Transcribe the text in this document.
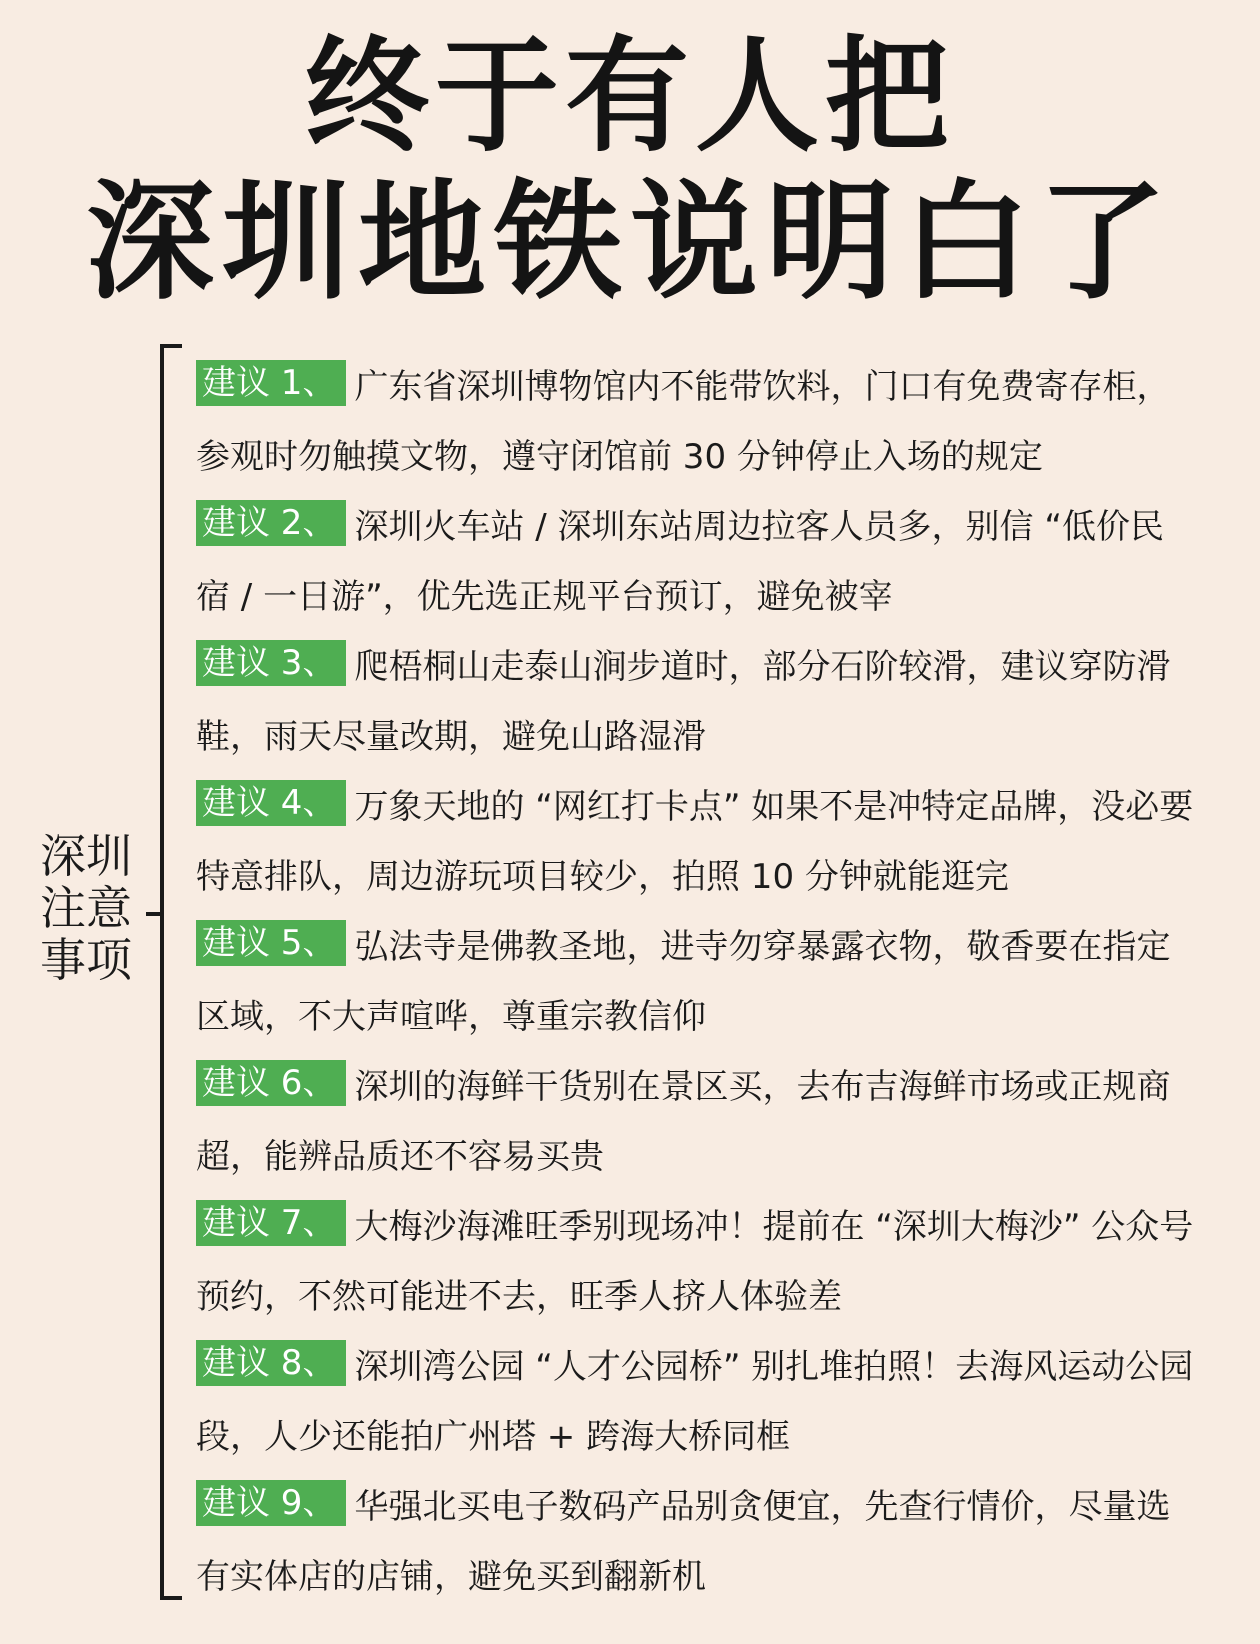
终于有人把
深圳地铁说明白了
深圳
注意
事项
建议 1、 广东省深圳博物馆内不能带饮料，门口有免费寄存柜，参观时勿触摸文物，遵守闭馆前 30 分钟停止入场的规定
建议 2、 深圳火车站 / 深圳东站周边拉客人员多，别信 “低价民宿 / 一日游”，优先选正规平台预订，避免被宰
建议 3、 爬梧桐山走泰山涧步道时，部分石阶较滑，建议穿防滑鞋，雨天尽量改期，避免山路湿滑
建议 4、 万象天地的 “网红打卡点” 如果不是冲特定品牌，没必要特意排队，周边游玩项目较少，拍照 10 分钟就能逛完
建议 5、 弘法寺是佛教圣地，进寺勿穿暴露衣物，敬香要在指定区域，不大声喧哗，尊重宗教信仰
建议 6、 深圳的海鲜干货别在景区买，去布吉海鲜市场或正规商超，能辨品质还不容易买贵
建议 7、 大梅沙海滩旺季别现场冲！提前在 “深圳大梅沙” 公众号预约，不然可能进不去，旺季人挤人体验差
建议 8、 深圳湾公园 “人才公园桥” 别扎堆拍照！去海风运动公园段，人少还能拍广州塔 + 跨海大桥同框
建议 9、 华强北买电子数码产品别贪便宜，先查行情价，尽量选有实体店的店铺，避免买到翻新机
